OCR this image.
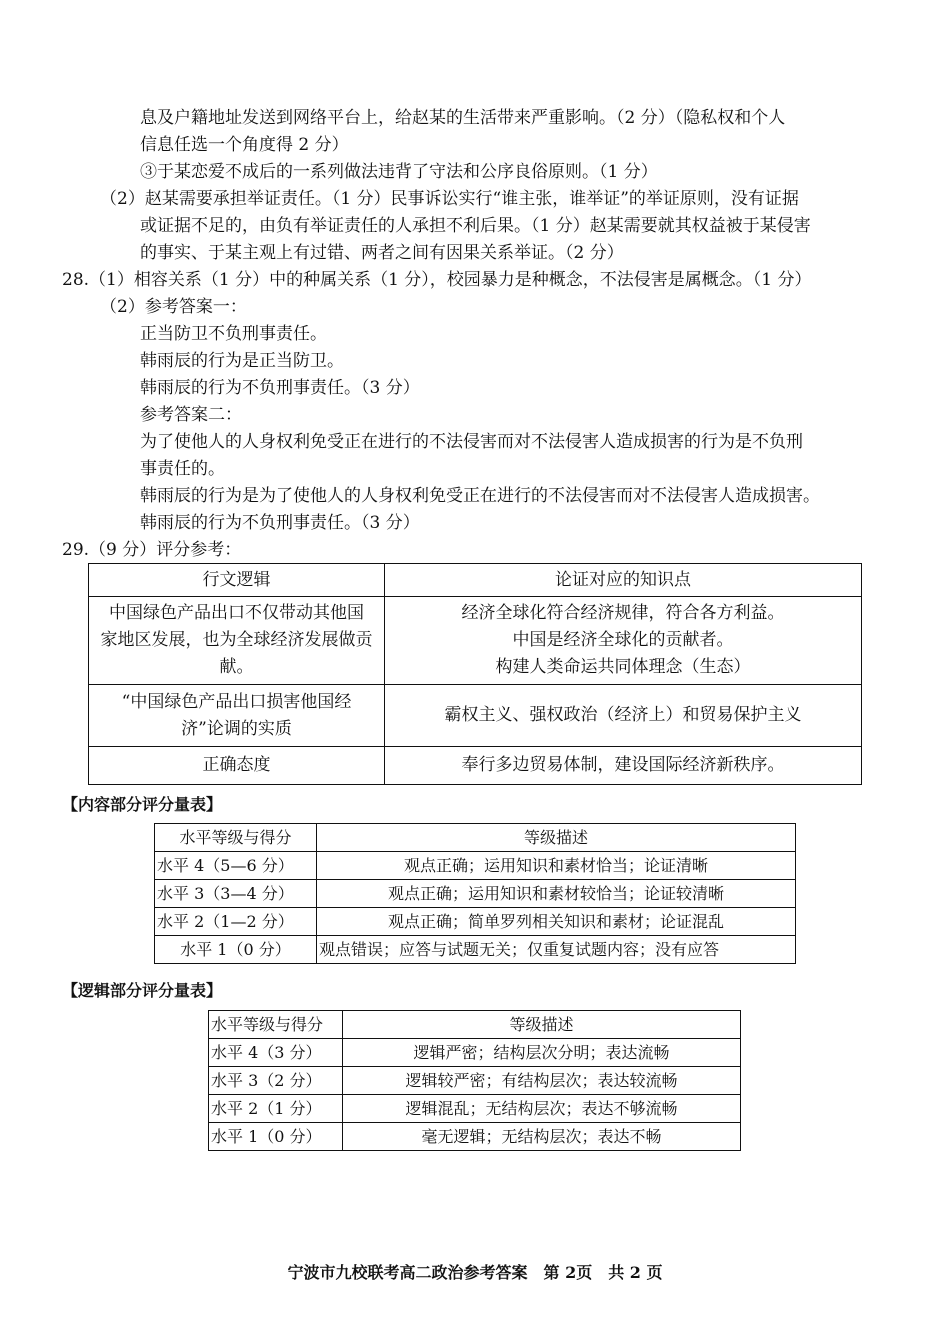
息及户籍地址发送到网络平台上，给赵某的生活带来严重影响。（2 分）（隐私权和个人
信息任选一个角度得 2 分）
③于某恋爱不成后的一系列做法违背了守法和公序良俗原则。（1 分）
（2）赵某需要承担举证责任。（1 分）民事诉讼实行“谁主张，谁举证”的举证原则，没有证据
或证据不足的，由负有举证责任的人承担不利后果。（1 分）赵某需要就其权益被于某侵害
的事实、于某主观上有过错、两者之间有因果关系举证。（2 分）
28.（1）相容关系（1 分）中的种属关系（1 分），校园暴力是种概念，不法侵害是属概念。（1 分）
（2）参考答案一：
正当防卫不负刑事责任。
韩雨辰的行为是正当防卫。
韩雨辰的行为不负刑事责任。（3 分）
参考答案二：
为了使他人的人身权利免受正在进行的不法侵害而对不法侵害人造成损害的行为是不负刑
事责任的。
韩雨辰的行为是为了使他人的人身权利免受正在进行的不法侵害而对不法侵害人造成损害。
韩雨辰的行为不负刑事责任。（3 分）
29.（9 分）评分参考：
行文逻辑	论证对应的知识点

中国绿色产品出口不仅带动其他国
家地区发展，也为全球经济发展做贡
献。	经济全球化符合经济规律，符合各方利益。
中国是经济全球化的贡献者。
构建人类命运共同体理念（生态）

“中国绿色产品出口损害他国经
济”论调的实质	霸权主义、强权政治（经济上）和贸易保护主义
正确态度	奉行多边贸易体制，建设国际经济新秩序。
【内容部分评分量表】
水平等级与得分	等级描述
水平 4（5—6 分）	观点正确；运用知识和素材恰当；论证清晰
水平 3（3—4 分）	观点正确；运用知识和素材较恰当；论证较清晰
水平 2（1—2 分）	观点正确；简单罗列相关知识和素材；论证混乱
水平 1（0 分）	观点错误；应答与试题无关；仅重复试题内容；没有应答
【逻辑部分评分量表】
水平等级与得分	等级描述
水平 4（3 分）	逻辑严密；结构层次分明；表达流畅
水平 3（2 分）	逻辑较严密；有结构层次；表达较流畅
水平 2（1 分）	逻辑混乱；无结构层次；表达不够流畅
水平 1（0 分）	毫无逻辑；无结构层次；表达不畅
宁波市九校联考高二政治参考答案　第 2页　共 2 页
